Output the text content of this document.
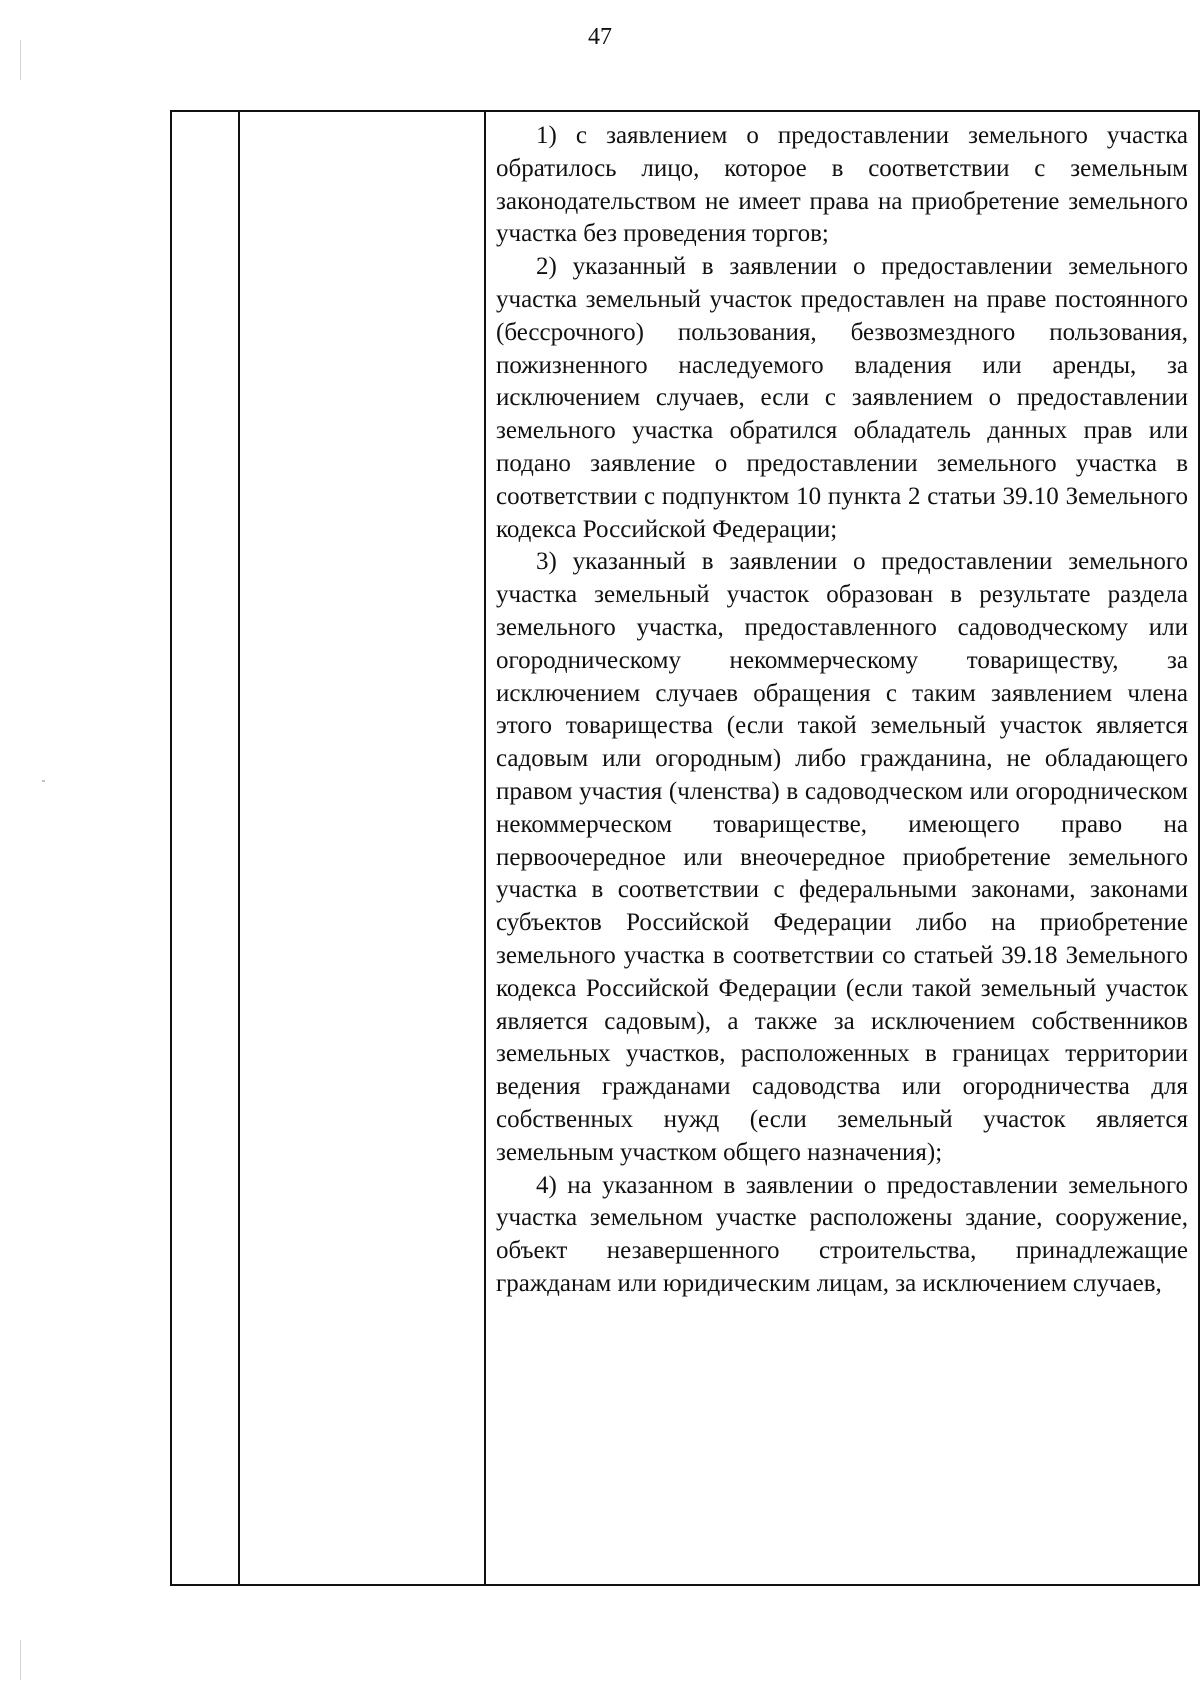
47

1) с заявлением о предоставлении земельного участка обратилось лицо, которое в соответствии с земельным законодательством не имеет права на приобретение земельного участка без проведения торгов;

2) указанный в заявлении о предоставлении земельного участка земельный участок предоставлен на праве постоянного (бессрочного) пользования, безвозмездного пользования, пожизненного наследуемого владения или аренды, за исключением случаев, если с заявлением о предоставлении земельного участка обратился обладатель данных прав или подано заявление о предоставлении земельного участка в соответствии с подпунктом 10 пункта 2 статьи 39.10 Земельного кодекса Российской Федерации;

3) указанный в заявлении о предоставлении земельного участка земельный участок образован в результате раздела земельного участка, предоставленного садоводческому или огородническому некоммерческому товариществу, за исключением случаев обращения с таким заявлением члена этого товарищества (если такой земельный участок является садовым или огородным) либо гражданина, не обладающего правом участия (членства) в садоводческом или огородническом некоммерческом товариществе, имеющего право на первоочередное или внеочередное приобретение земельного участка в соответствии с федеральными законами, законами субъектов Российской Федерации либо на приобретение земельного участка в соответствии со статьей 39.18 Земельного кодекса Российской Федерации (если такой земельный участок является садовым), а также за исключением собственников земельных участков, расположенных в границах территории ведения гражданами садоводства или огородничества для собственных нужд (если земельный участок является земельным участком общего назначения);

4) на указанном в заявлении о предоставлении земельного участка земельном участке расположены здание, сооружение, объект незавершенного строительства, принадлежащие гражданам или юридическим лицам, за исключением случаев,
